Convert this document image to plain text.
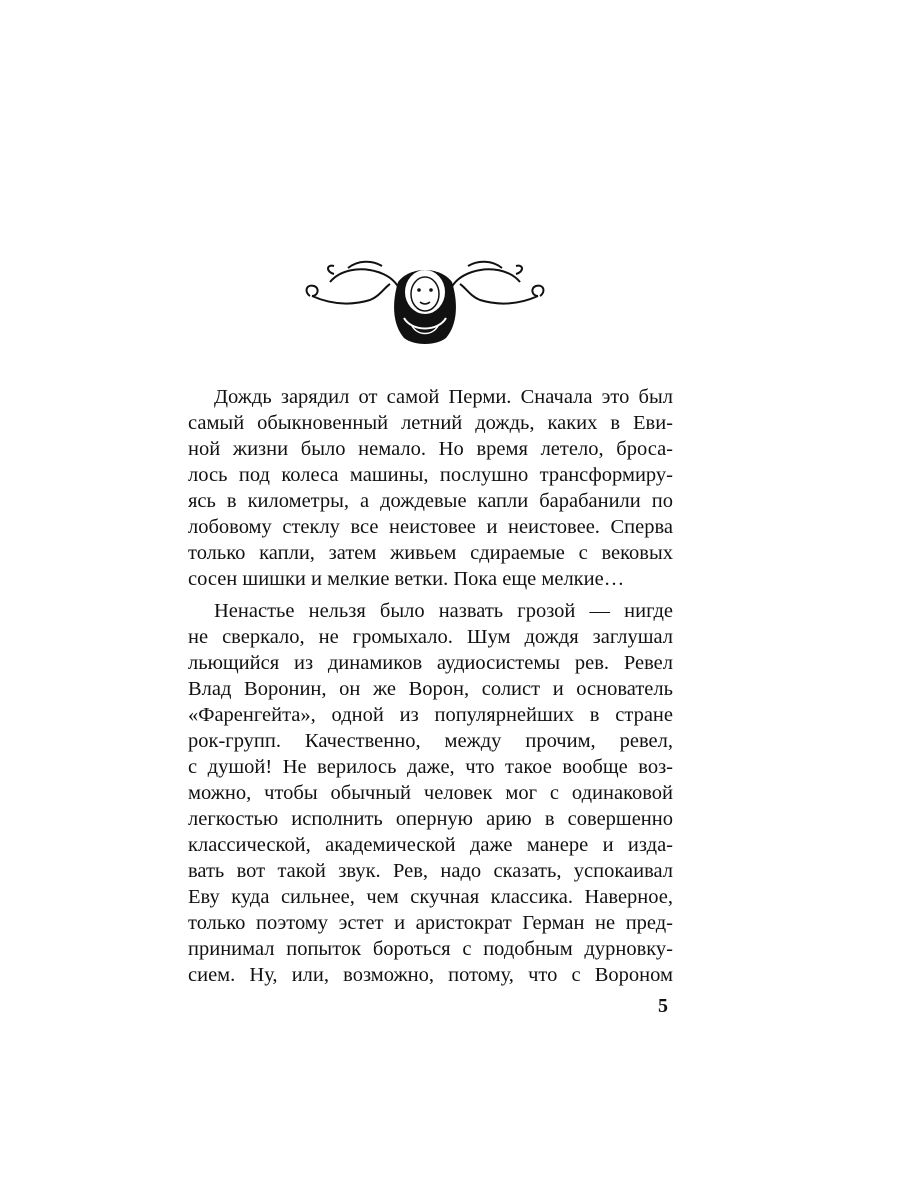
Дождь зарядил от самой Перми. Сначала это был
самый обыкновенный летний дождь, каких в Еви-
ной жизни было немало. Но время летело, броса-
лось под колеса машины, послушно трансформиру-
ясь в километры, а дождевые капли барабанили по
лобовому стеклу все неистовее и неистовее. Сперва
только капли, затем живьем сдираемые с вековых
сосен шишки и мелкие ветки. Пока еще мелкие…
Ненастье нельзя было назвать грозой — нигде
не сверкало, не громыхало. Шум дождя заглушал
льющийся из динамиков аудиосистемы рев. Ревел
Влад Воронин, он же Ворон, солист и основатель
«Фаренгейта», одной из популярнейших в стране
рок-групп. Качественно, между прочим, ревел,
с душой! Не верилось даже, что такое вообще воз-
можно, чтобы обычный человек мог с одинаковой
легкостью исполнить оперную арию в совершенно
классической, академической даже манере и изда-
вать вот такой звук. Рев, надо сказать, успокаивал
Еву куда сильнее, чем скучная классика. Наверное,
только поэтому эстет и аристократ Герман не пред-
принимал попыток бороться с подобным дурновку-
сием. Ну, или, возможно, потому, что с Вороном
5
